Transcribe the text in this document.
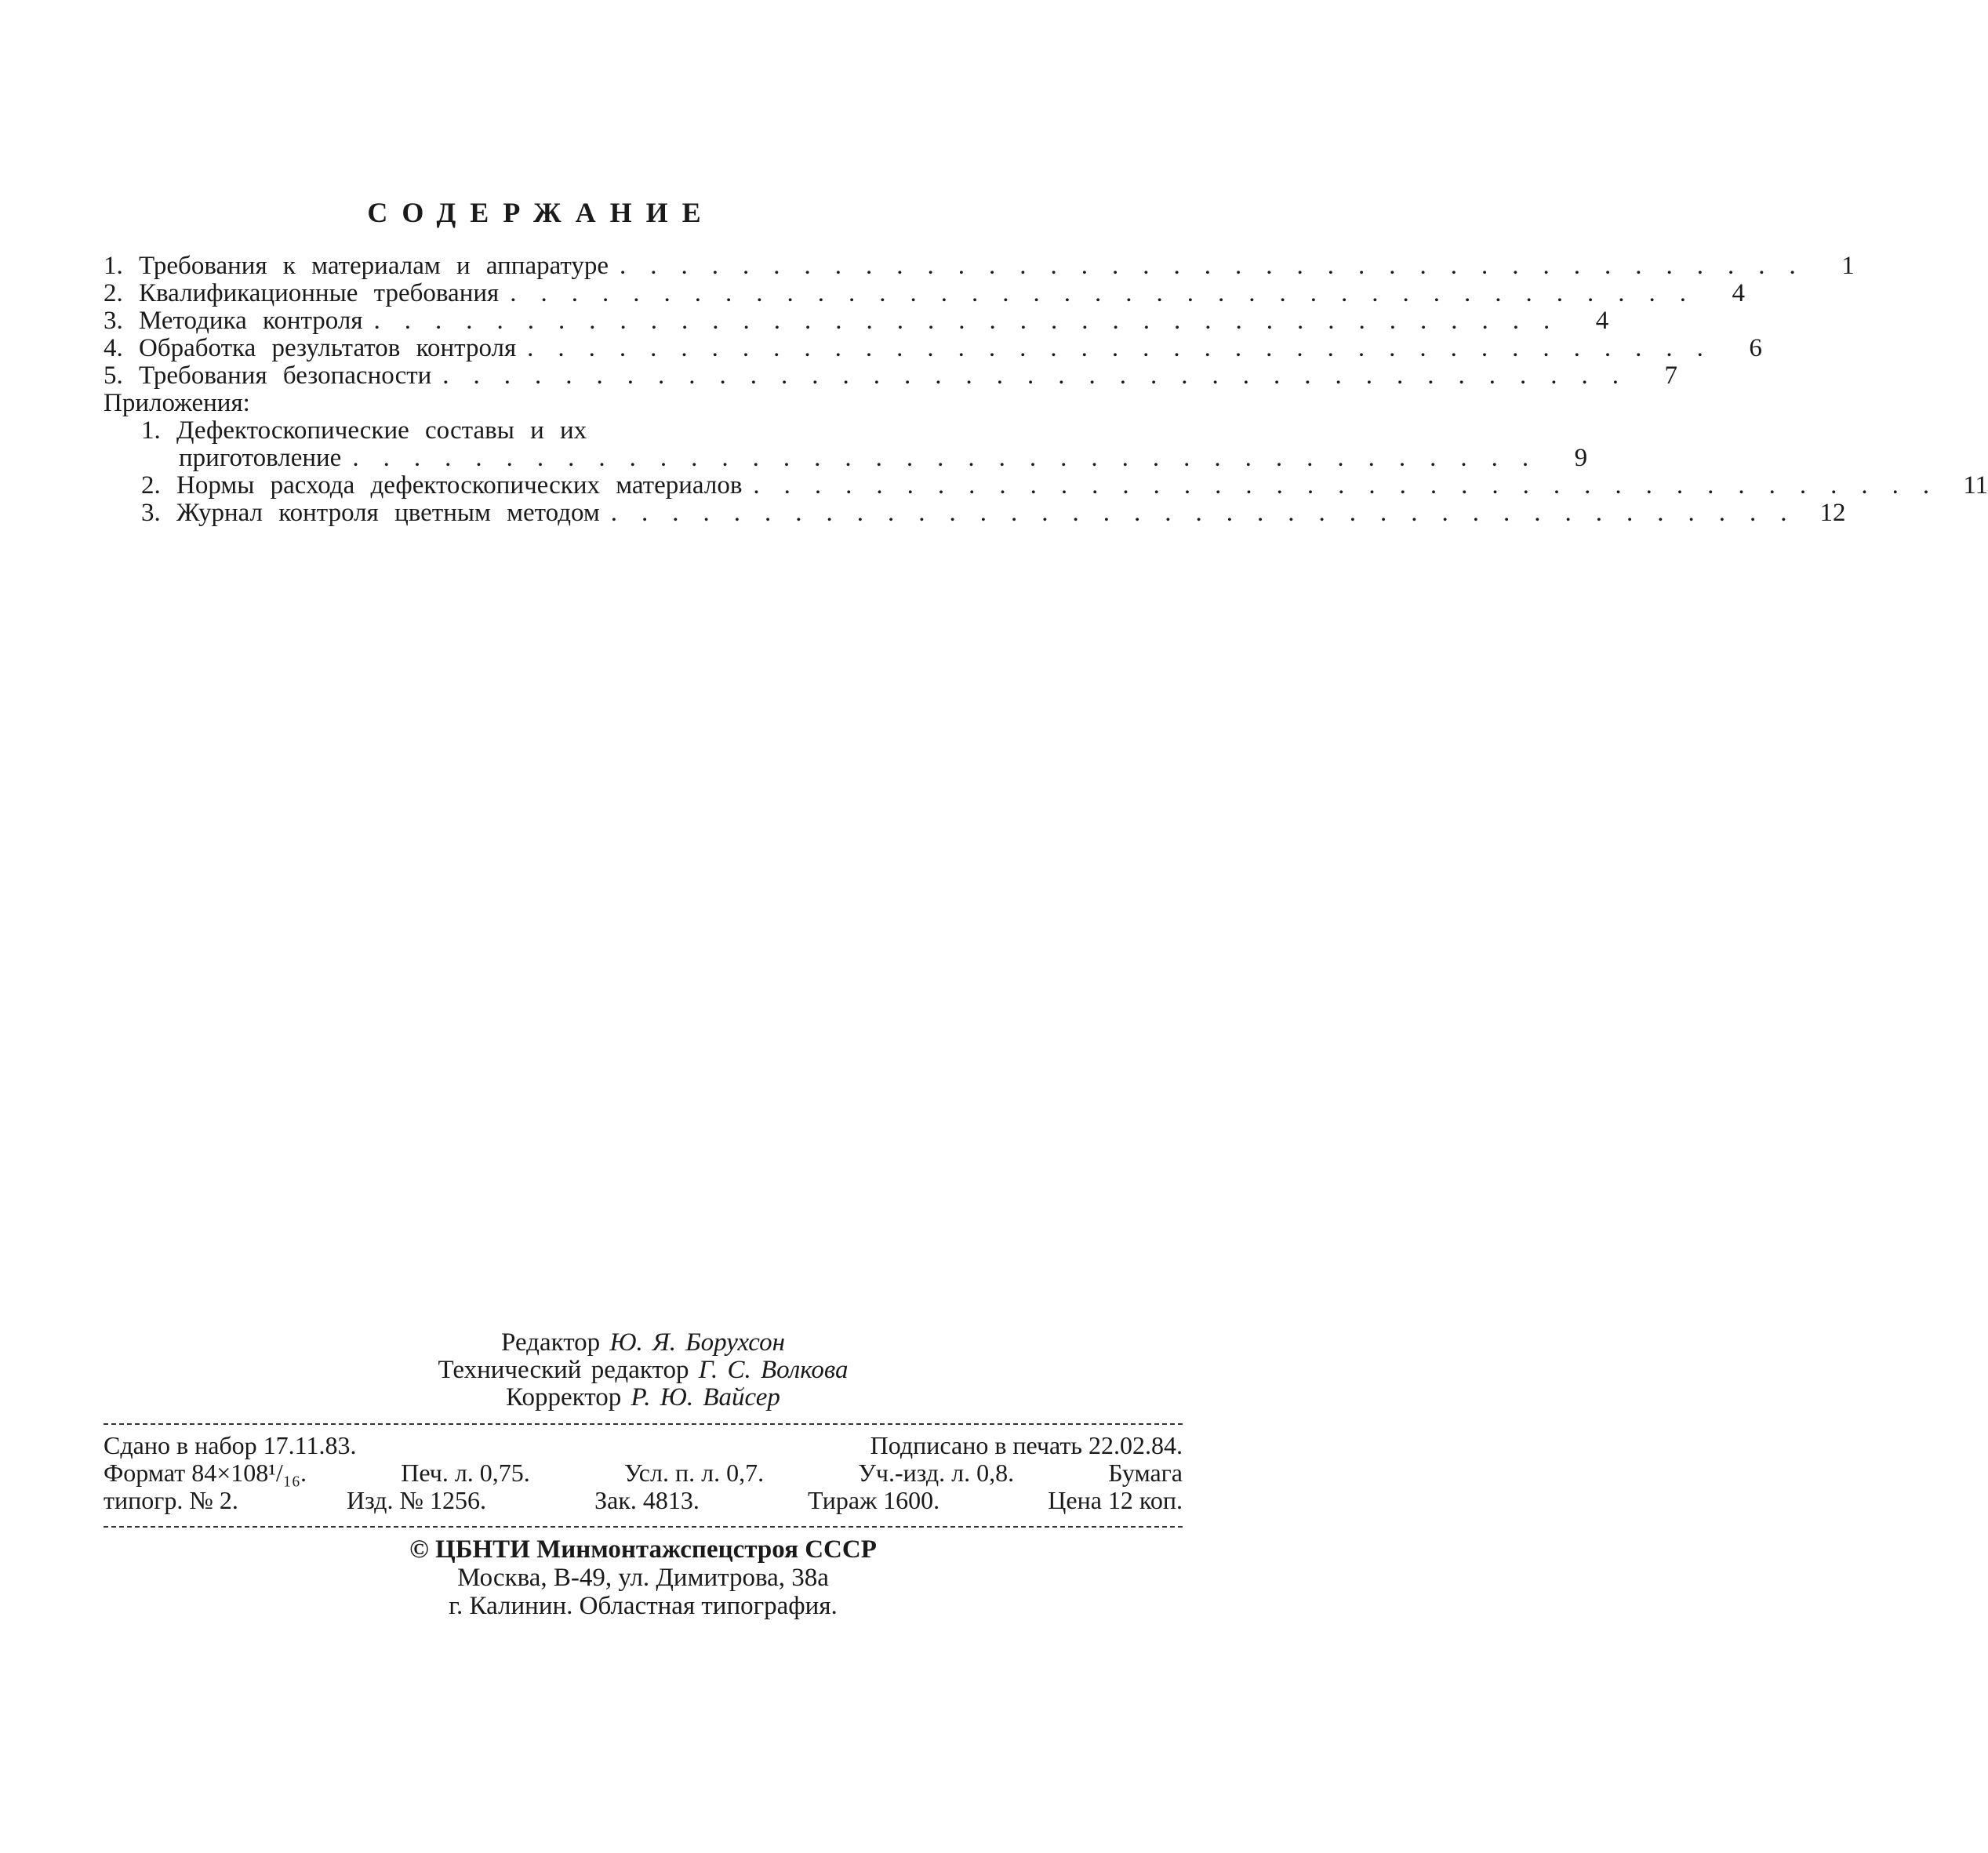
СОДЕРЖАНИЕ
1. Требования к материалам и аппаратуре ....................................... 1
2. Квалификационные требования ....................................... 4
3. Методика контроля ....................................... 4
4. Обработка результатов контроля ....................................... 6
5. Требования безопасности ....................................... 7
Приложения:
1. Дефектоскопические составы и их
приготовление ....................................... 9
2. Нормы расхода дефектоскопических материалов ....................................... 11
3. Журнал контроля цветным методом ....................................... 12
Редактор Ю. Я. Борухсон
Технический редактор Г. С. Волкова
Корректор Р. Ю. Вайсер
Сдано в набор 17.11.83.	Подписано в печать 22.02.84.
Формат 84×108¹/₁₆.	Печ. л. 0,75.	Усл. п. л. 0,7.	Уч.-изд. л. 0,8.	Бумага
типогр. № 2.	Изд. № 1256.	Зак. 4813.	Тираж 1600.	Цена 12 коп.
© ЦБНТИ Минмонтажспецстроя СССР
Москва, В-49, ул. Димитрова, 38а
г. Калинин. Областная типография.
